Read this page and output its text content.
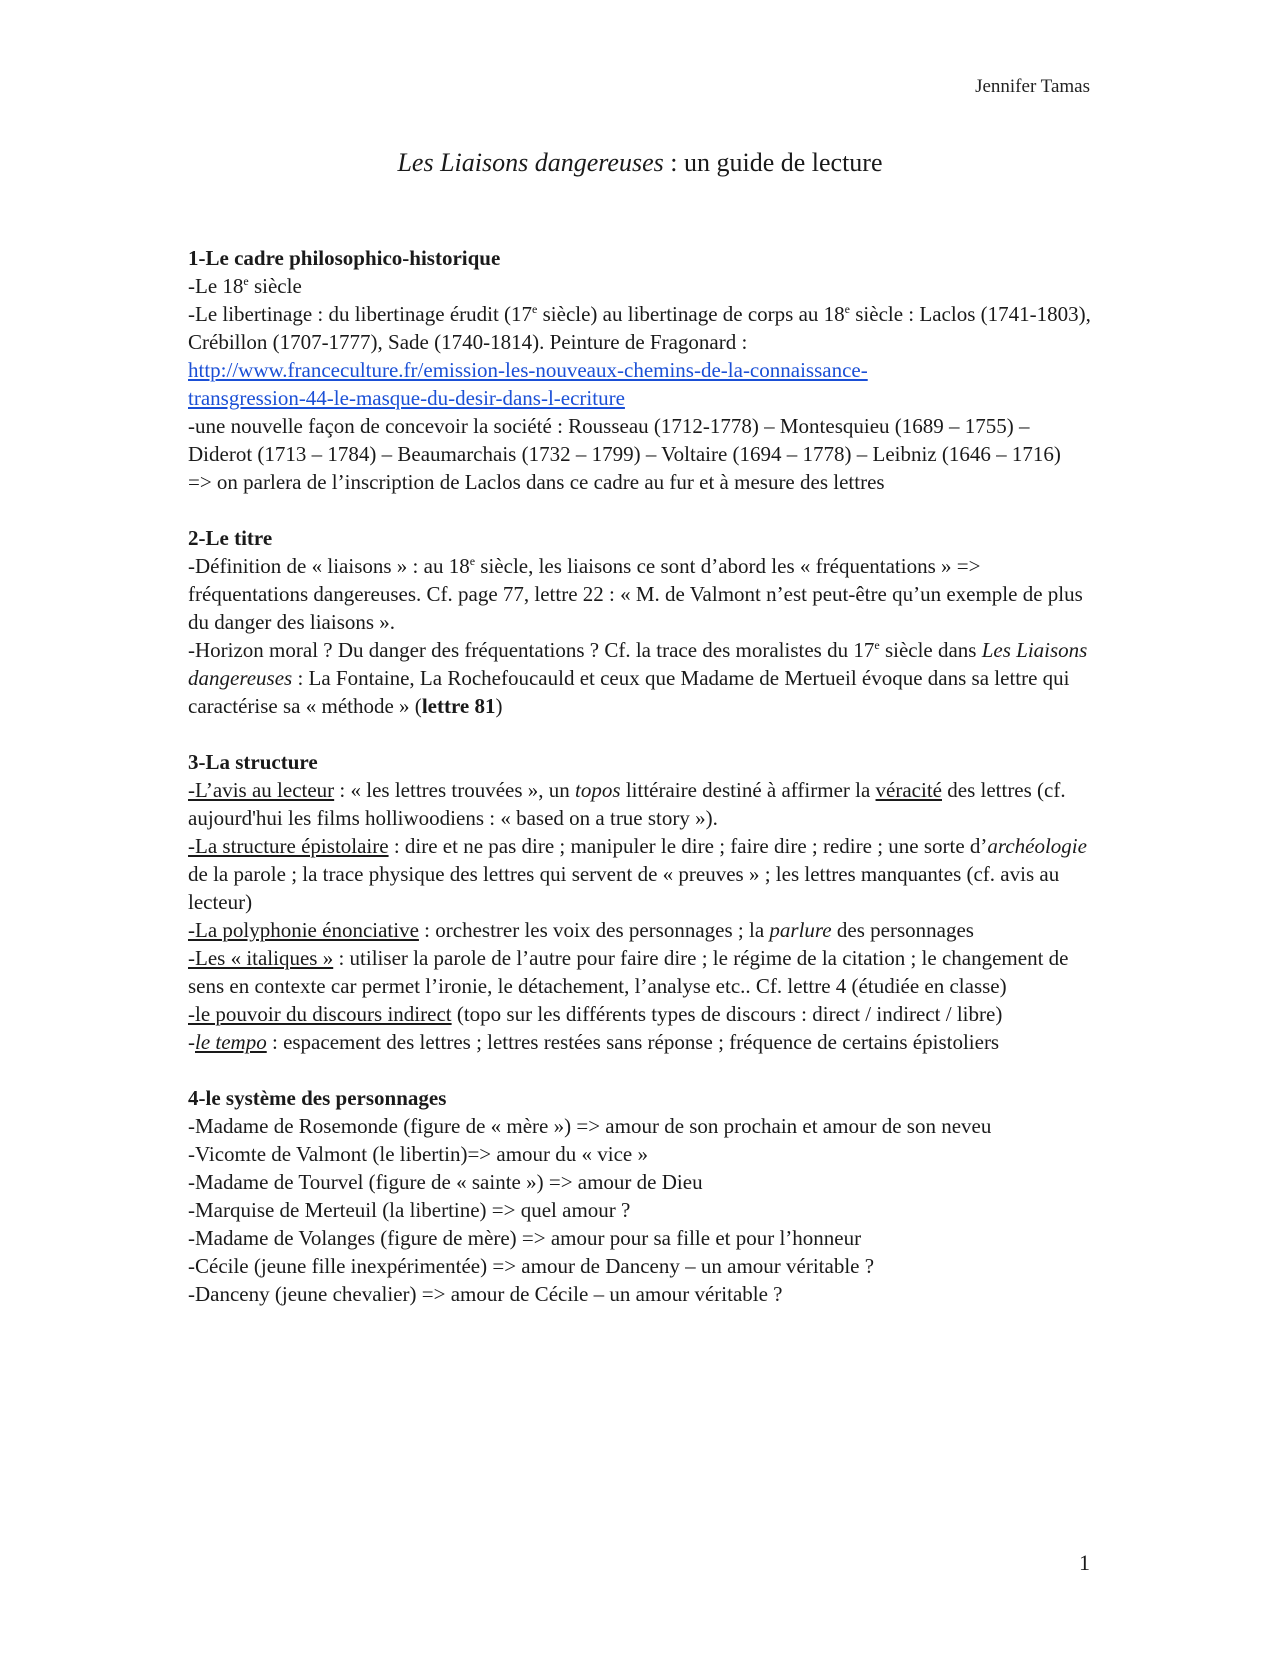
Jennifer Tamas
Les Liaisons dangereuses : un guide de lecture
1-Le cadre philosophico-historique
-Le 18e siècle
-Le libertinage : du libertinage érudit (17e siècle) au libertinage de corps au 18e siècle : Laclos (1741-1803), Crébillon (1707-1777), Sade (1740-1814). Peinture de Fragonard :
http://www.franceculture.fr/emission-les-nouveaux-chemins-de-la-connaissance-
transgression-44-le-masque-du-desir-dans-l-ecriture
-une nouvelle façon de concevoir la société : Rousseau (1712-1778) – Montesquieu (1689 – 1755) – Diderot (1713 – 1784) – Beaumarchais (1732 – 1799) – Voltaire (1694 – 1778) – Leibniz (1646 – 1716)
=> on parlera de l’inscription de Laclos dans ce cadre au fur et à mesure des lettres
2-Le titre
-Définition de « liaisons » : au 18e siècle, les liaisons ce sont d’abord les « fréquentations » => fréquentations dangereuses. Cf. page 77, lettre 22 : « M. de Valmont n’est peut-être qu’un exemple de plus du danger des liaisons ».
-Horizon moral ? Du danger des fréquentations ? Cf. la trace des moralistes du 17e siècle dans Les Liaisons dangereuses : La Fontaine, La Rochefoucauld et ceux que Madame de Mertueil évoque dans sa lettre qui caractérise sa « méthode » (lettre 81)
3-La structure
-L’avis au lecteur : « les lettres trouvées », un topos littéraire destiné à affirmer la véracité des lettres (cf. aujourd'hui les films holliwoodiens : « based on a true story »).
-La structure épistolaire : dire et ne pas dire ; manipuler le dire ; faire dire ; redire ; une sorte d’archéologie de la parole ; la trace physique des lettres qui servent de « preuves » ; les lettres manquantes (cf. avis au lecteur)
-La polyphonie énonciative : orchestrer les voix des personnages ; la parlure des personnages
-Les « italiques » : utiliser la parole de l’autre pour faire dire ; le régime de la citation ; le changement de sens en contexte car permet l’ironie, le détachement, l’analyse etc.. Cf. lettre 4 (étudiée en classe)
-le pouvoir du discours indirect (topo sur les différents types de discours : direct / indirect / libre)
-le tempo : espacement des lettres ; lettres restées sans réponse ; fréquence de certains épistoliers
4-le système des personnages
-Madame de Rosemonde (figure de « mère ») => amour de son prochain et amour de son neveu
-Vicomte de Valmont (le libertin)=> amour du « vice »
-Madame de Tourvel (figure de « sainte ») => amour de Dieu
-Marquise de Merteuil (la libertine) => quel amour ?
-Madame de Volanges (figure de mère) => amour pour sa fille et pour l’honneur
-Cécile (jeune fille inexpérimentée) => amour de Danceny – un amour véritable ?
-Danceny (jeune chevalier) => amour de Cécile – un amour véritable ?
1
